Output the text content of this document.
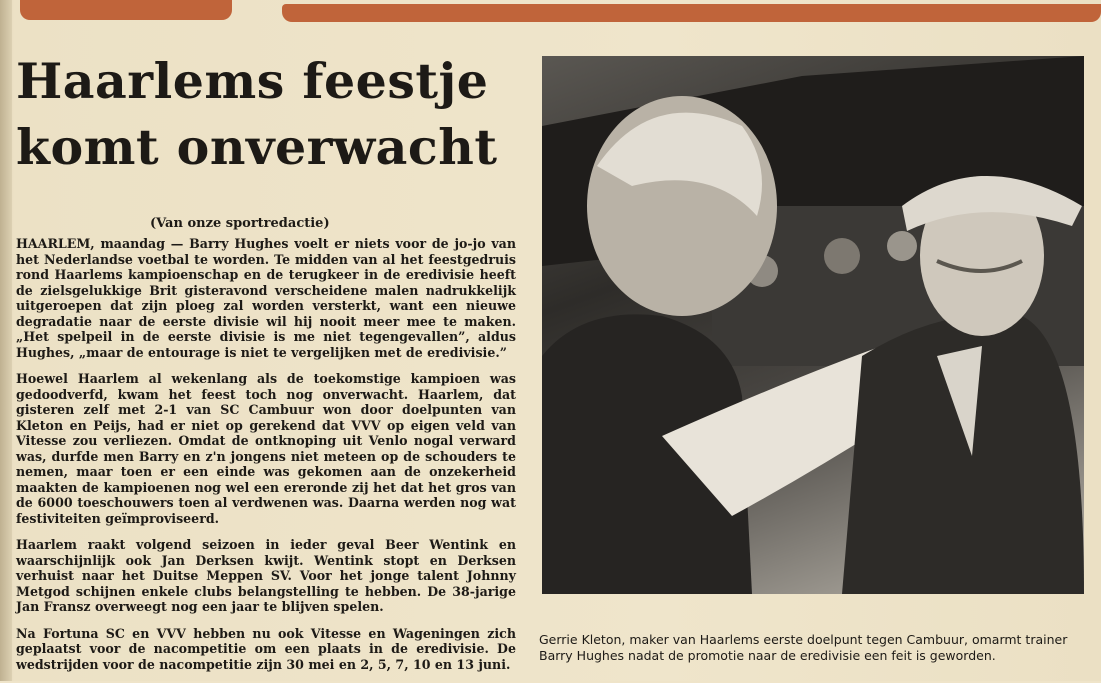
Haarlems feestje
komt onverwacht

(Van onze sportredactie)

HAARLEM, maandag — Barry Hughes voelt er niets voor de jo-jo van het Nederlandse voetbal te worden. Te midden van al het feestgedruis rond Haarlems kampioenschap en de terugkeer in de eredivisie heeft de zielsgelukkige Brit gisteravond verscheidene malen nadrukkelijk uitgeroepen dat zijn ploeg zal worden versterkt, want een nieuwe degradatie naar de eerste divisie wil hij nooit meer mee te maken. „Het spelpeil in de eerste divisie is me niet tegengevallen”, aldus Hughes, „maar de entourage is niet te vergelijken met de eredivisie.”

Hoewel Haarlem al wekenlang als de toekomstige kampioen was gedoodverfd, kwam het feest toch nog onverwacht. Haarlem, dat gisteren zelf met 2-1 van SC Cambuur won door doelpunten van Kleton en Peijs, had er niet op gerekend dat VVV op eigen veld van Vitesse zou verliezen. Omdat de ontknoping uit Venlo nogal verward was, durfde men Barry en z'n jongens niet meteen op de schouders te nemen, maar toen er een einde was gekomen aan de onzekerheid maakten de kampioenen nog wel een ereronde zij het dat het gros van de 6000 toeschouwers toen al verdwenen was. Daarna werden nog wat festiviteiten geïmproviseerd.

Haarlem raakt volgend seizoen in ieder geval Beer Wentink en waarschijnlijk ook Jan Derksen kwijt. Wentink stopt en Derksen verhuist naar het Duitse Meppen SV. Voor het jonge talent Johnny Metgod schijnen enkele clubs belangstelling te hebben. De 38-jarige Jan Fransz overweegt nog een jaar te blijven spelen.

Na Fortuna SC en VVV hebben nu ook Vitesse en Wageningen zich geplaatst voor de nacompetitie om een plaats in de eredivisie. De wedstrijden voor de nacompetitie zijn 30 mei en 2, 5, 7, 10 en 13 juni.

Gerrie Kleton, maker van Haarlems eerste doelpunt tegen Cambuur, omarmt trainer Barry Hughes nadat de promotie naar de eredivisie een feit is geworden.
